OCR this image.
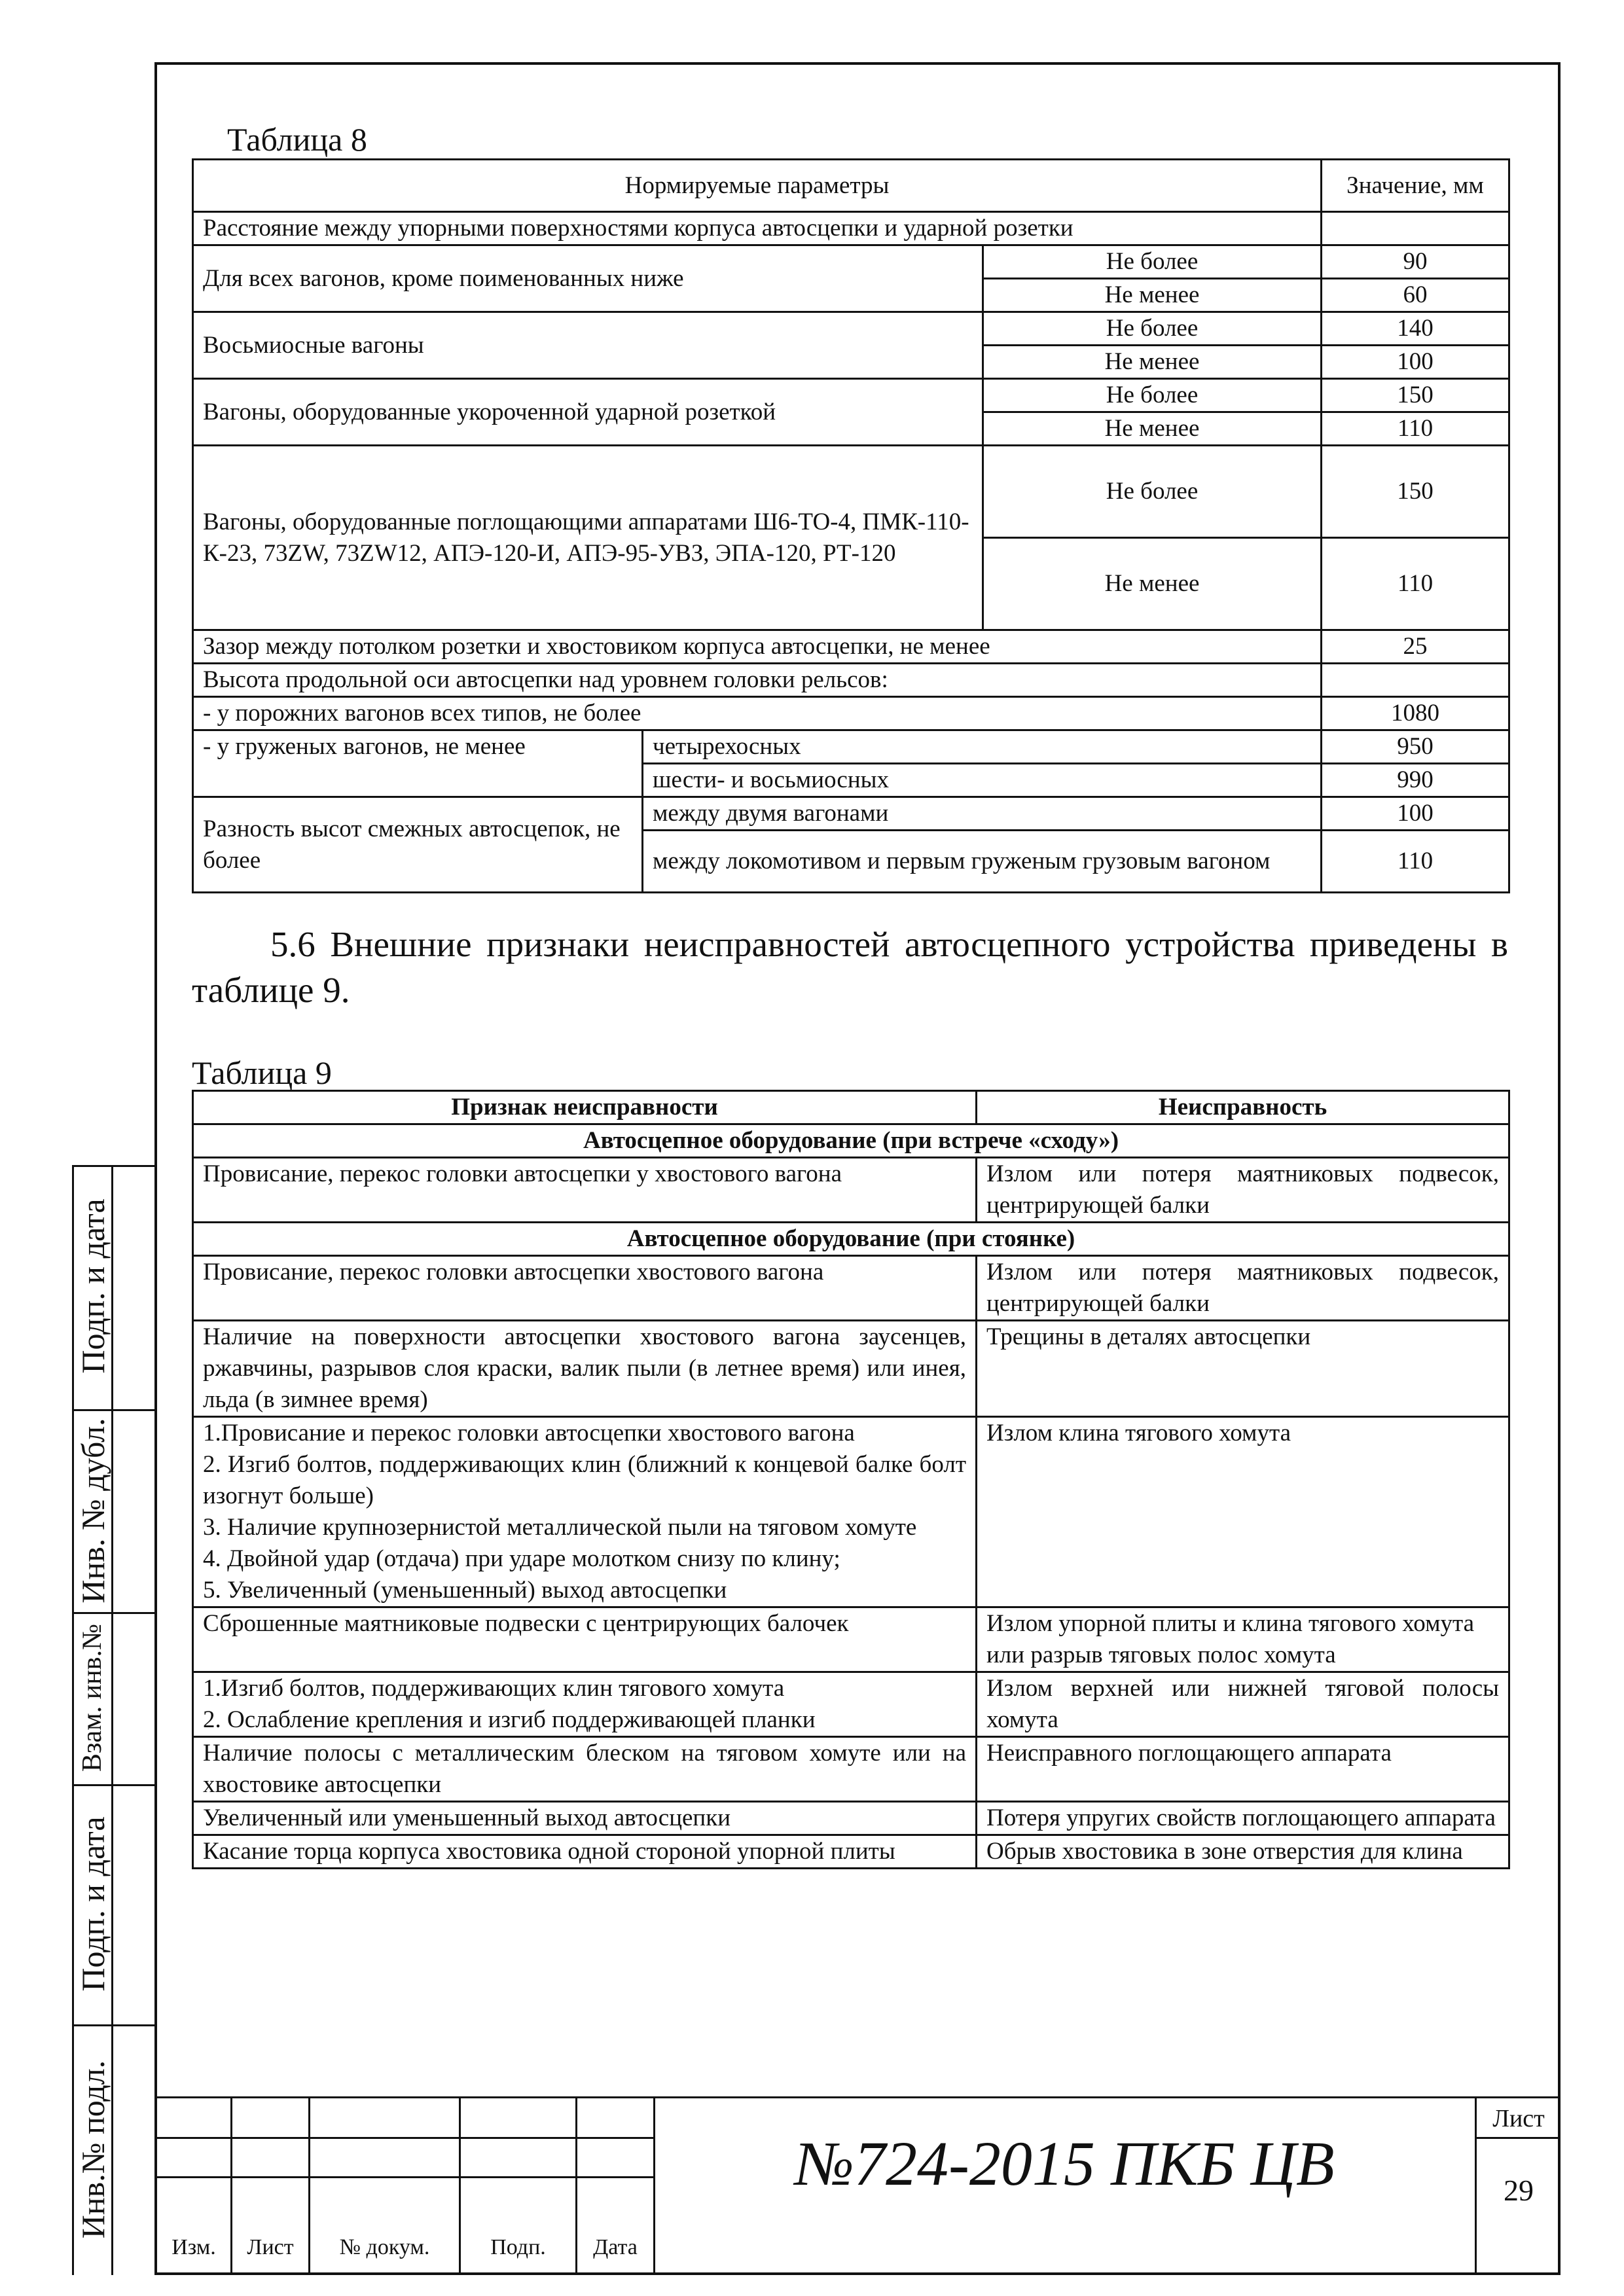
Таблица 8
Нормируемые параметры			Значение, мм
Расстояние между упорными поверхностями корпуса автосцепки и ударной розетки			
Для всех вагонов, кроме поименованных ниже		Не более	90
		Не менее	60
Восьмиосные вагоны		Не более	140
		Не менее	100
Вагоны, оборудованные укороченной ударной розеткой		Не более	150
		Не менее	110
Вагоны, оборудованные поглощающими аппаратами Ш6-ТО-4, ПМК-110-К-23, 73ZW, 73ZW12, АПЭ-120-И, АПЭ-95-УВЗ, ЭПА-120, РТ-120		Не более	150
		Не менее	110
Зазор между потолком розетки и хвостовиком корпуса автосцепки, не менее			25
Высота продольной оси автосцепки над уровнем головки рельсов:			
- у порожних вагонов всех типов, не более			1080
- у груженых вагонов, не менее	четырехосных		950
	шести- и восьмиосных		990
Разность высот смежных автосцепок, не более	между двумя вагонами		100
	между локомотивом и первым груженым грузовым вагоном		110
5.6 Внешние признаки неисправностей автосцепного устройства приведены в таблице 9.
Таблица 9
Признак неисправности	Неисправность
Автосцепное оборудование (при встрече «сходу»)	
Провисание, перекос головки автосцепки у хвостового вагона	Излом или потеря маятниковых подвесок, центрирующей балки
Автосцепное оборудование (при стоянке)	
Провисание, перекос головки автосцепки хвостового вагона	Излом или потеря маятниковых подвесок, центрирующей балки
Наличие на поверхности автосцепки хвостового вагона заусенцев, ржавчины, разрывов слоя краски, валик пыли (в летнее время) или инея, льда (в зимнее время)	Трещины в деталях автосцепки

1.Провисание и перекос головки автосцепки хвостового вагона
2. Изгиб болтов, поддерживающих клин (ближний к концевой балке болт изогнут больше)
3. Наличие крупнозернистой металлической пыли на тяговом хомуте
4. Двойной удар (отдача) при ударе молотком снизу по клину;
5. Увеличенный (уменьшенный) выход автосцепки	Излом клина тягового хомута
Сброшенные маятниковые подвески с центрирующих балочек	Излом упорной плиты и клина тягового хомута или разрыв тяговых полос хомута

1.Изгиб болтов, поддерживающих клин тягового хомута
2. Ослабление крепления и изгиб поддерживающей планки	Излом верхней или нижней тяговой полосы хомута
Наличие полосы с металлическим блеском на тяговом хомуте или на хвостовике автосцепки	Неисправного поглощающего аппарата
Увеличенный или уменьшенный выход автосцепки	Потеря упругих свойств поглощающего аппарата
Касание торца корпуса хвостовика одной стороной упорной плиты	Обрыв хвостовика в зоне отверстия для клина
Подп. и дата
Инв. № дубл.
Взам. инв.№
Подп. и дата
Инв.№ подл.
Изм.	Лист	№ докум.	Подп.	Дата
№724-2015 ПКБ ЦВ
Лист
29
